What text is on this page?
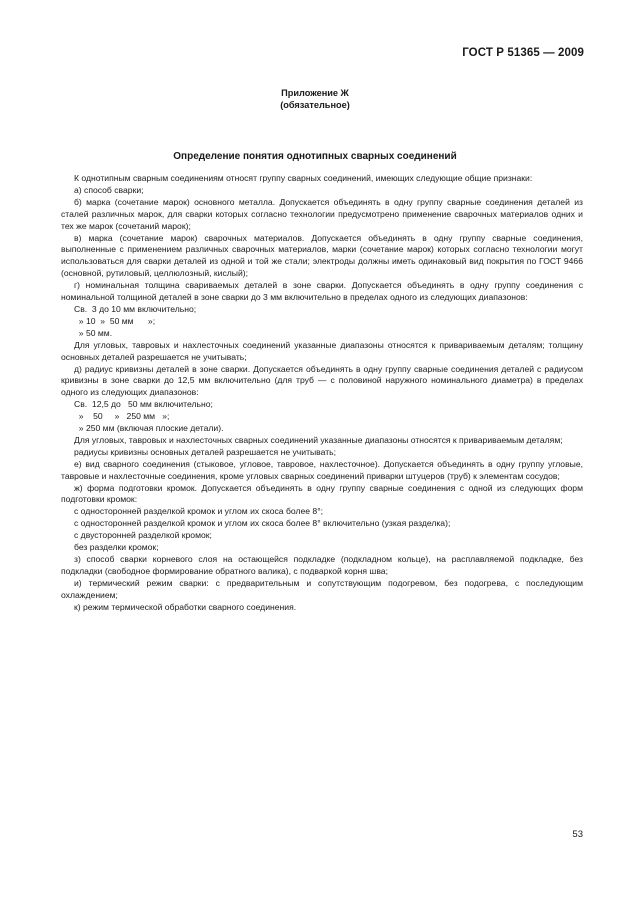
ГОСТ Р 51365 — 2009
Приложение Ж
(обязательное)
Определение понятия однотипных сварных соединений

К однотипным сварным соединениям относят группу сварных соединений, имеющих следующие общие признаки:

а) способ сварки;

б) марка (сочетание марок) основного металла. Допускается объединять в одну группу сварные соединения деталей из сталей различных марок, для сварки которых согласно технологии предусмотрено применение сварочных материалов одних и тех же марок (сочетаний марок);

в) марка (сочетание марок) сварочных материалов. Допускается объединять в одну группу сварные соединения, выполненные с применением различных сварочных материалов, марки (сочетание марок) которых согласно технологии могут использоваться для сварки деталей из одной и той же стали; электроды должны иметь одинаковый вид покрытия по ГОСТ 9466 (основной, рутиловый, целлюлозный, кислый);

г) номинальная толщина свариваемых деталей в зоне сварки. Допускается объединять в одну группу соединения с номинальной толщиной деталей в зоне сварки до 3 мм включительно в пределах одного из следующих диапазонов:

Св.  3 до 10 мм включительно;

» 10  »  50 мм      »;

» 50 мм.

Для угловых, тавровых и нахлесточных соединений указанные диапазоны относятся к привариваемым деталям; толщину основных деталей разрешается не учитывать;

д) радиус кривизны деталей в зоне сварки. Допускается объединять в одну группу сварные соединения деталей с радиусом кривизны в зоне сварки до 12,5 мм включительно (для труб — с половиной наружного номинального диаметра) в пределах одного из следующих диапазонов:

Св.  12,5 до   50 мм включительно;

»    50     »   250 мм   »;

» 250 мм (включая плоские детали).

Для угловых, тавровых и нахлесточных сварных соединений указанные диапазоны относятся к привариваемым деталям;

радиусы кривизны основных деталей разрешается не учитывать;

е) вид сварного соединения (стыковое, угловое, тавровое, нахлесточное). Допускается объединять в одну группу угловые, тавровые и нахлесточные соединения, кроме угловых сварных соединений приварки штуцеров (труб) к элементам сосудов;

ж) форма подготовки кромок. Допускается объединять в одну группу сварные соединения с одной из следующих форм подготовки кромок:

с односторонней разделкой кромок и углом их скоса более 8°;

с односторонней разделкой кромок и углом их скоса более 8° включительно (узкая разделка);

с двусторонней разделкой кромок;

без разделки кромок;

з) способ сварки корневого слоя на остающейся подкладке (подкладном кольце), на расплавляемой подкладке, без подкладки (свободное формирование обратного валика), с подваркой корня шва;

и) термический режим сварки: с предварительным и сопутствующим подогревом, без подогрева, с последующим охлаждением;

к) режим термической обработки сварного соединения.

53
